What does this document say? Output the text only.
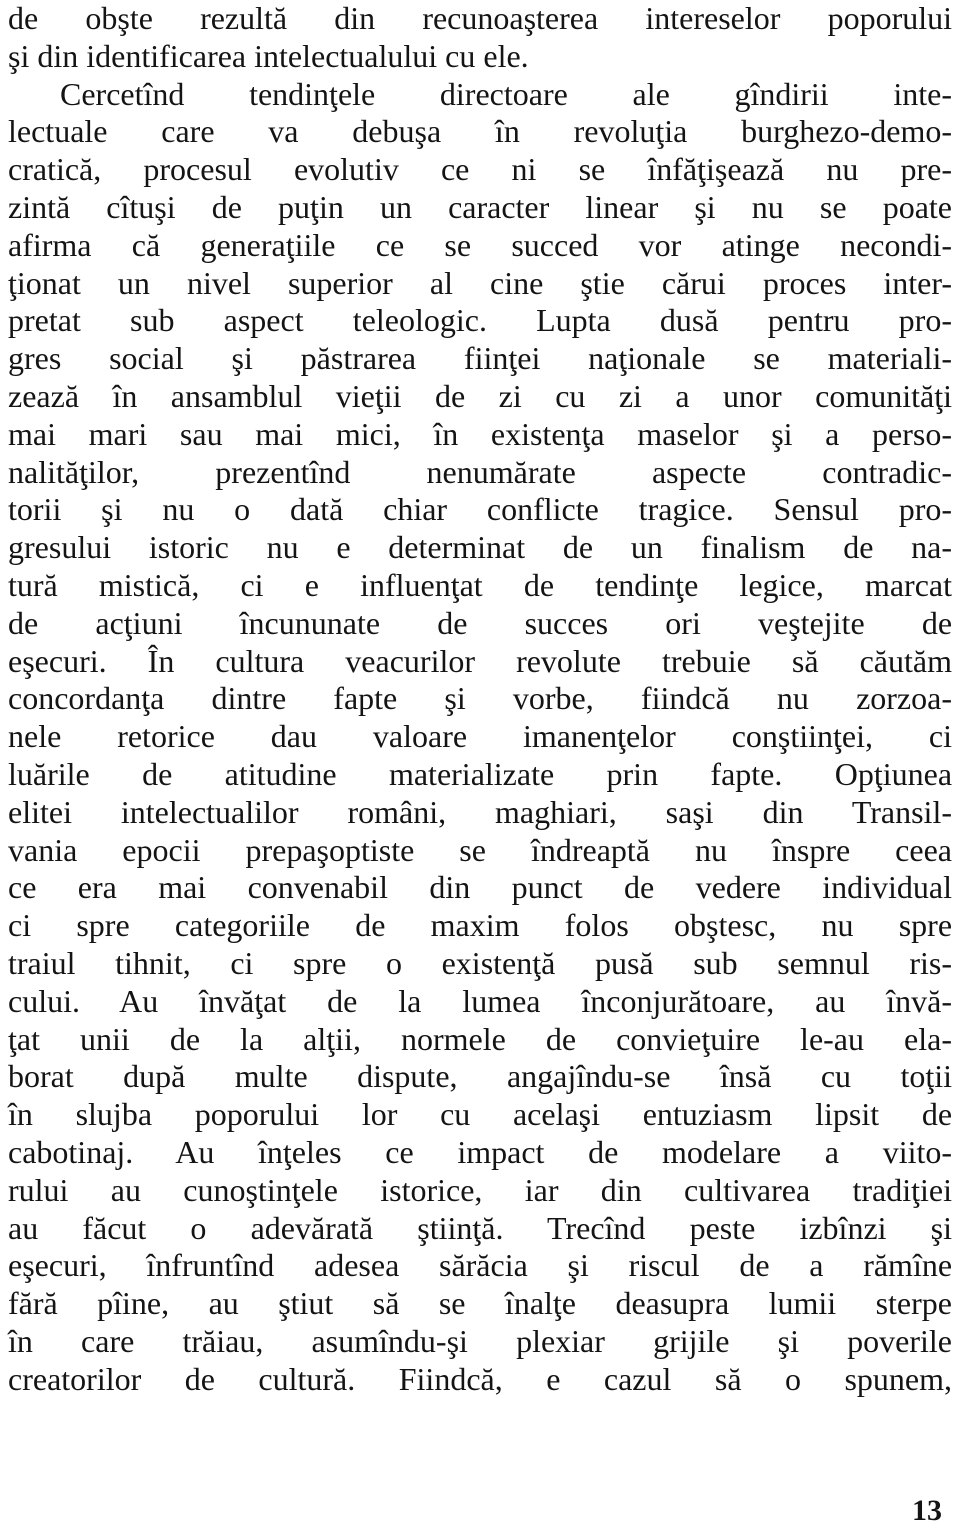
de obşte rezultă din recunoaşterea intereselor poporului
şi din identificarea intelectualului cu ele.
Cercetînd tendinţele directoare ale gîndirii inte-
lectuale care va debuşa în revoluţia burghezo-demo-
cratică, procesul evolutiv ce ni se înfăţişează nu pre-
zintă cîtuşi de puţin un caracter linear şi nu se poate
afirma că generaţiile ce se succed vor atinge necondi-
ţionat un nivel superior al cine ştie cărui proces inter-
pretat sub aspect teleologic. Lupta dusă pentru pro-
gres social şi păstrarea fiinţei naţionale se materiali-
zează în ansamblul vieţii de zi cu zi a unor comunităţi
mai mari sau mai mici, în existenţa maselor şi a perso-
nalităţilor, prezentînd nenumărate aspecte contradic-
torii şi nu o dată chiar conflicte tragice. Sensul pro-
gresului istoric nu e determinat de un finalism de na-
tură mistică, ci e influenţat de tendinţe legice, marcat
de acţiuni încununate de succes ori veştejite de
eşecuri. În cultura veacurilor revolute trebuie să căutăm
concordanţa dintre fapte şi vorbe, fiindcă nu zorzoa-
nele retorice dau valoare imanenţelor conştiinţei, ci
luările de atitudine materializate prin fapte. Opţiunea
elitei intelectualilor români, maghiari, saşi din Transil-
vania epocii prepaşoptiste se îndreaptă nu înspre ceea
ce era mai convenabil din punct de vedere individual
ci spre categoriile de maxim folos obştesc, nu spre
traiul tihnit, ci spre o existenţă pusă sub semnul ris-
cului. Au învăţat de la lumea înconjurătoare, au învă-
ţat unii de la alţii, normele de convieţuire le-au ela-
borat după multe dispute, angajîndu-se însă cu toţii
în slujba poporului lor cu acelaşi entuziasm lipsit de
cabotinaj. Au înţeles ce impact de modelare a viito-
rului au cunoştinţele istorice, iar din cultivarea tradiţiei
au făcut o adevărată ştiinţă. Trecînd peste izbînzi şi
eşecuri, înfruntînd adesea sărăcia şi riscul de a rămîne
fără pîine, au ştiut să se înalţe deasupra lumii sterpe
în care trăiau, asumîndu-şi plexiar grijile şi poverile
creatorilor de cultură. Fiindcă, e cazul să o spunem,
13
